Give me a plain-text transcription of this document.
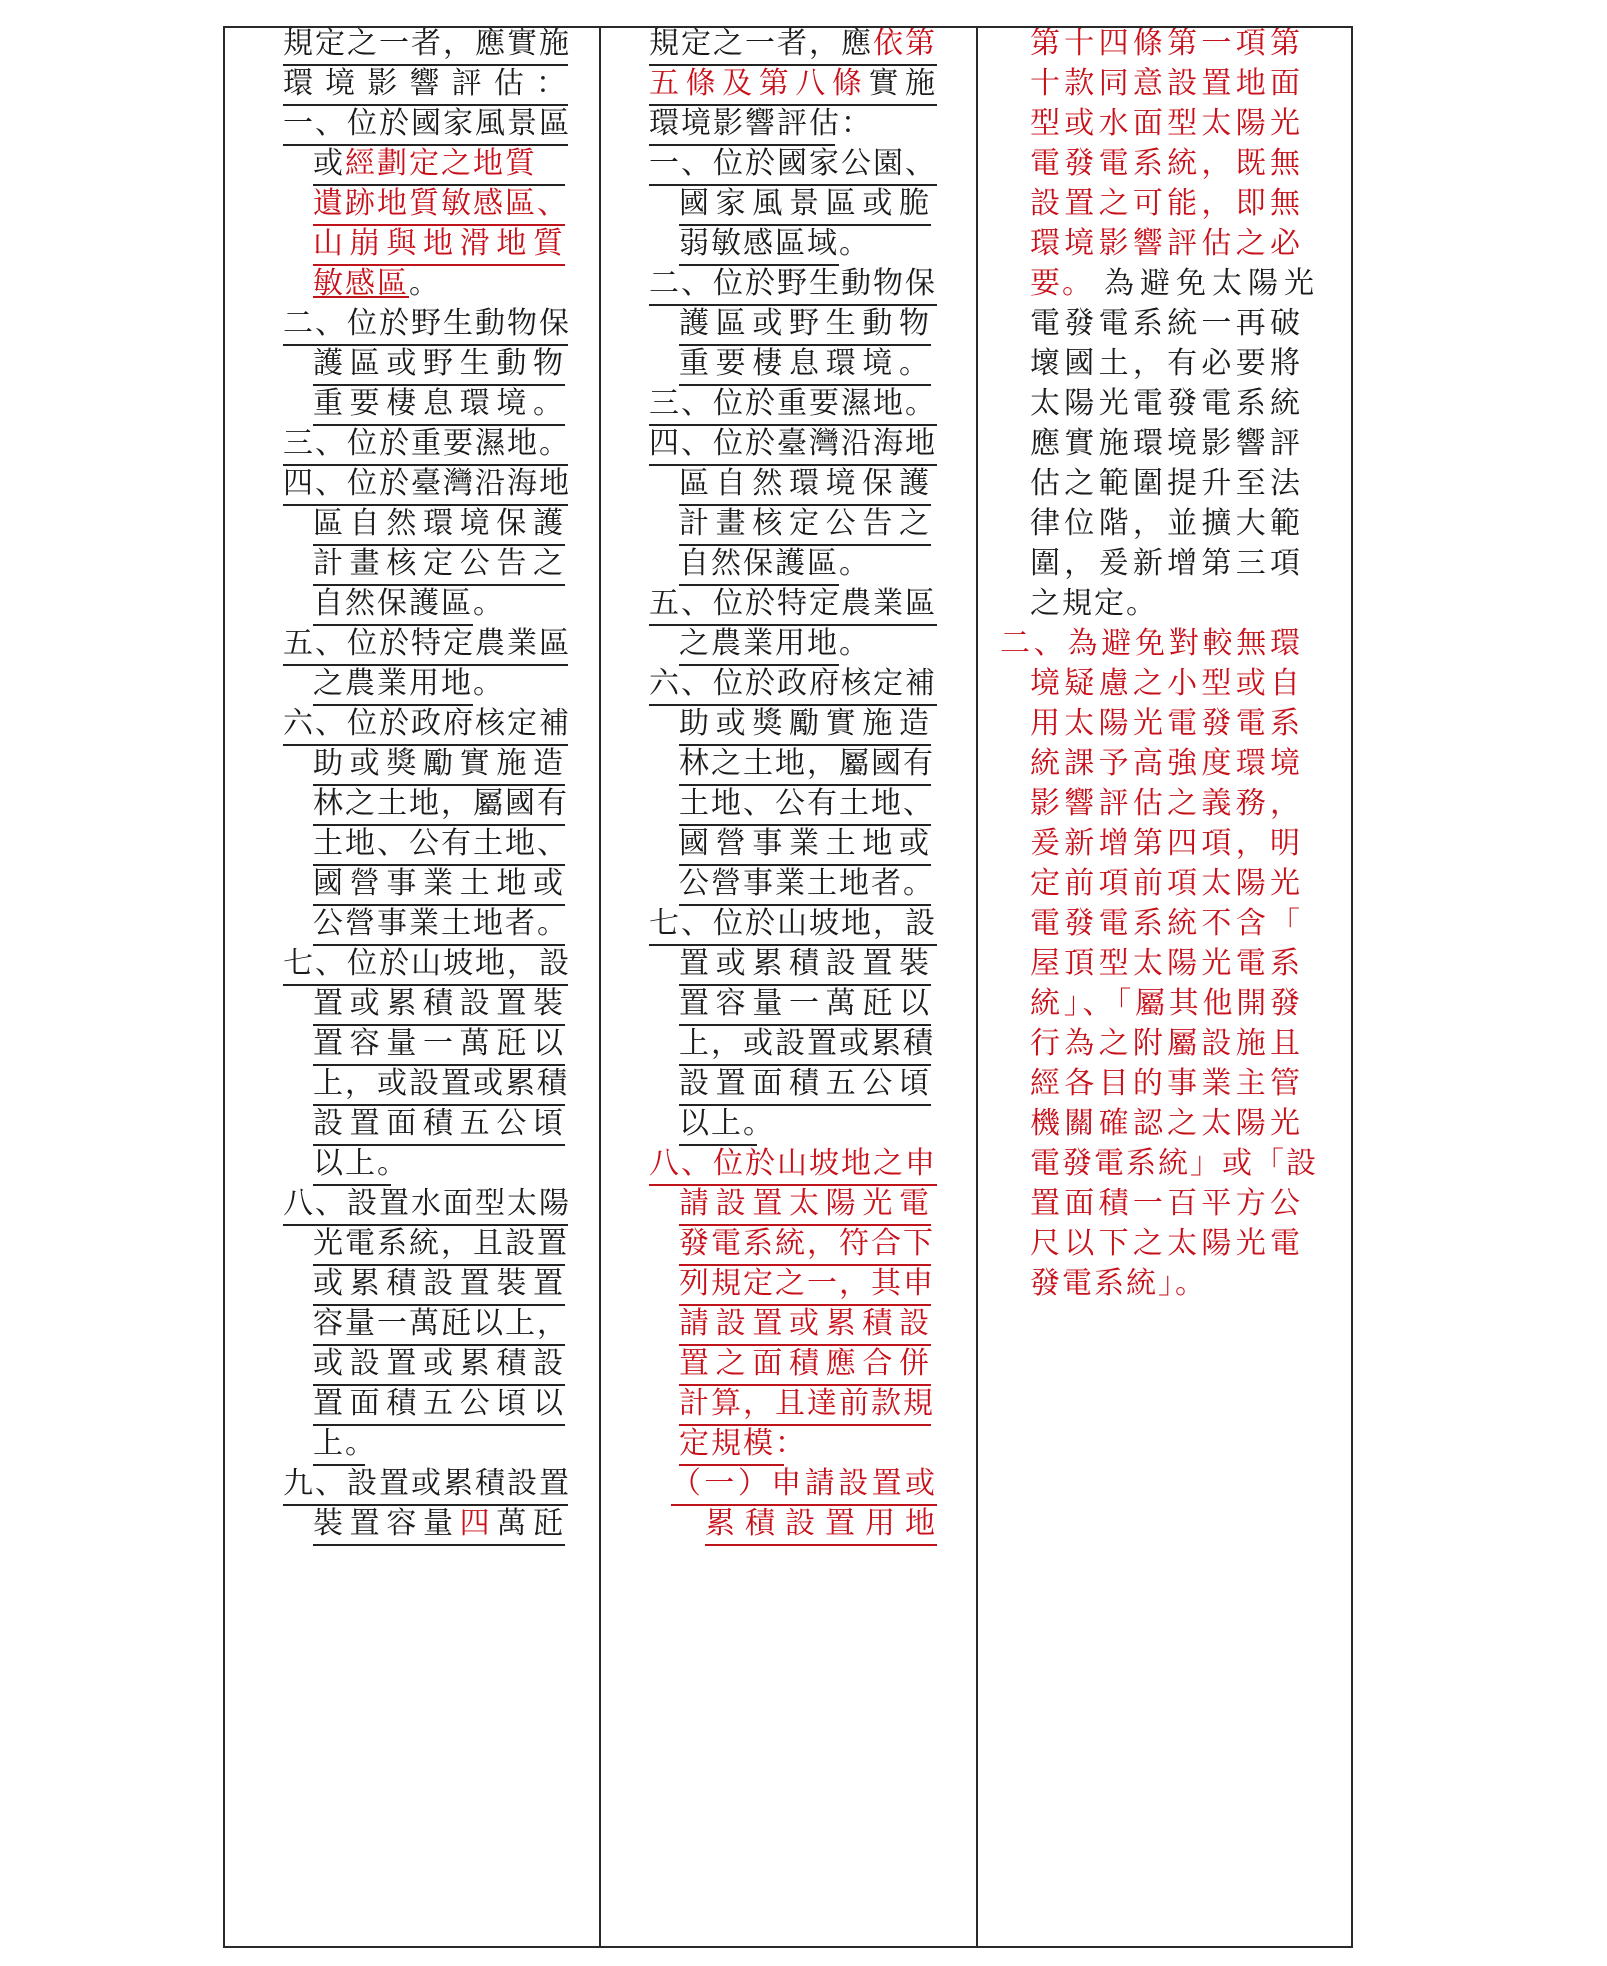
規定之一者，應實施
環境影響評估：
一、位於國家風景區
或經劃定之地質
遺跡地質敏感區、
山崩與地滑地質
敏感區。
二、位於野生動物保
護區或野生動物
重要棲息環境。
三、位於重要濕地。
四、位於臺灣沿海地
區自然環境保護
計畫核定公告之
自然保護區。
五、位於特定農業區
之農業用地。
六、位於政府核定補
助或獎勵實施造
林之土地，屬國有
土地、公有土地、
國營事業土地或
公營事業土地者。
七、位於山坡地，設
置或累積設置裝
置容量一萬瓩以
上，或設置或累積
設置面積五公頃
以上。
八、設置水面型太陽
光電系統，且設置
或累積設置裝置
容量一萬瓩以上，
或設置或累積設
置面積五公頃以
上。
九、設置或累積設置
裝置容量四萬瓩
規定之一者，應依第
五條及第八條實施
環境影響評估：
一、位於國家公園、
國家風景區或脆
弱敏感區域。
二、位於野生動物保
護區或野生動物
重要棲息環境。
三、位於重要濕地。
四、位於臺灣沿海地
區自然環境保護
計畫核定公告之
自然保護區。
五、位於特定農業區
之農業用地。
六、位於政府核定補
助或獎勵實施造
林之土地，屬國有
土地、公有土地、
國營事業土地或
公營事業土地者。
七、位於山坡地，設
置或累積設置裝
置容量一萬瓩以
上，或設置或累積
設置面積五公頃
以上。
八、位於山坡地之申
請設置太陽光電
發電系統，符合下
列規定之一，其申
請設置或累積設
置之面積應合併
計算，且達前款規
定規模：
（一）申請設置或
累積設置用地
第十四條第一項第
十款同意設置地面
型或水面型太陽光
電發電系統，既無
設置之可能，即無
環境影響評估之必
要。 為避免太陽光
電發電系統一再破
壞國土，有必要將
太陽光電發電系統
應實施環境影響評
估之範圍提升至法
律位階，並擴大範
圍，爰新增第三項
之規定。
二、為避免對較無環
境疑慮之小型或自
用太陽光電發電系
統課予高強度環境
影響評估之義務，
爰新增第四項，明
定前項前項太陽光
電發電系統不含「
屋頂型太陽光電系
統」、「屬其他開發
行為之附屬設施且
經各目的事業主管
機關確認之太陽光
電發電系統」或「設
置面積一百平方公
尺以下之太陽光電
發電系統」。
